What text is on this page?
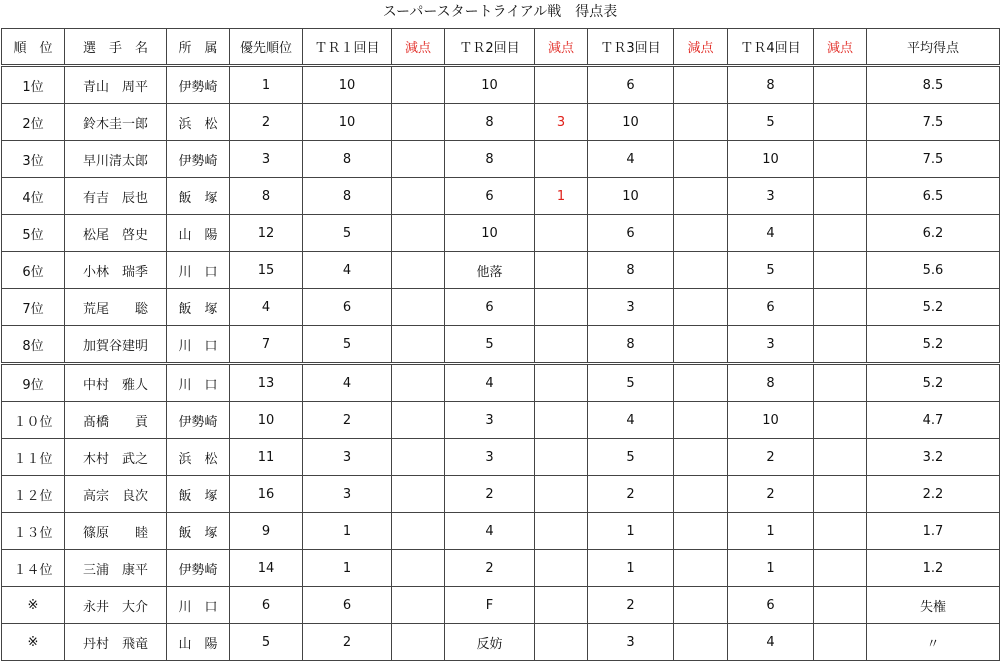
スーパースタートライアル戦　得点表
順　位	選　手　名	所　属	優先順位	ＴＲ１回目	減点	ＴＲ2回目	減点	ＴＲ3回目	減点	ＴＲ4回目	減点	平均得点
1位	青山　周平	伊勢崎	1	10		10		6		8		8.5
2位	鈴木圭一郎	浜　松	2	10		8	3	10		5		7.5
3位	早川清太郎	伊勢崎	3	8		8		4		10		7.5
4位	有吉　辰也	飯　塚	8	8		6	1	10		3		6.5
5位	松尾　啓史	山　陽	12	5		10		6		4		6.2
6位	小林　瑞季	川　口	15	4		他落		8		5		5.6
7位	荒尾　　聡	飯　塚	4	6		6		3		6		5.2
8位	加賀谷建明	川　口	7	5		5		8		3		5.2
9位	中村　雅人	川　口	13	4		4		5		8		5.2
１０位	髙橋　　貢	伊勢崎	10	2		3		4		10		4.7
１１位	木村　武之	浜　松	11	3		3		5		2		3.2
１２位	高宗　良次	飯　塚	16	3		2		2		2		2.2
１３位	篠原　　睦	飯　塚	9	1		4		1		1		1.7
１４位	三浦　康平	伊勢崎	14	1		2		1		1		1.2
※	永井　大介	川　口	6	6		F		2		6		失権
※	丹村　飛竜	山　陽	5	2		反妨		3		4		〃
